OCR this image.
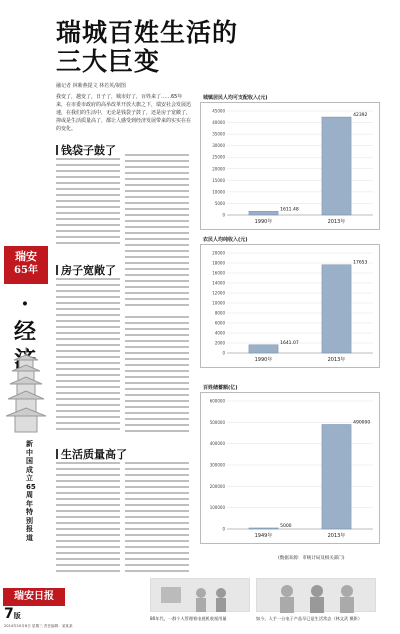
瑞城百姓生活的
三大巨变
融记者 林紫燕提文 林若英/制图
我变了，越变了，日子了，城市好了，百姓来了……65年来，在市委市政府的高举改革开放大旗之下，瑞安社会发展迅速，在我们的生活中，无论是钱袋子鼓了，还是房子宽敞了，抑或是生活质量高了，都让人感受到经济发展带来的实实在在的变化。
钱袋子鼓了
房子宽敞了
生活质量高了
瑞安
65年
·
经
新中国成立65周年特别报道
城镇居民人均可支配收入(元)
45000
40000
35000
30000
25000
20000
15000
10000
5000
0
1611.48
1990年
42392
2013年
农民人均纯收入(元)
20000
18000
16000
14000
12000
10000
8000
6000
4000
2000
0
1641.07
1990年
17653
2013年
百姓储蓄额(亿)
600000
500000
400000
300000
200000
100000
0
5000
1949年
490000
2013年
(数据来源：市统计局及相关部门)
瑞安日报
7版
2014年10月8日 星期三 责任编辑：某某某
80年代，一群个人管理着电视机收视用量	如今，人手一台电子产品早已是生活常态（林文武 摄影）
